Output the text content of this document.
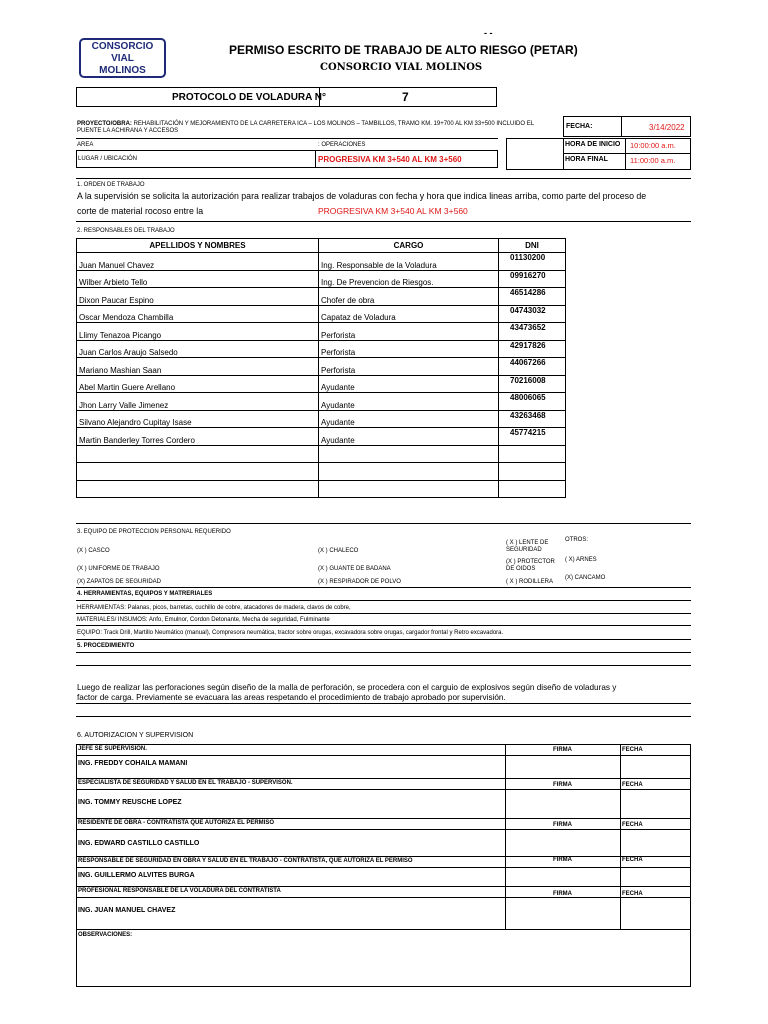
CONSORCIO
VIAL
MOLINOS
- -
PERMISO ESCRITO DE TRABAJO DE ALTO RIESGO (PETAR)
CONSORCIO VIAL MOLINOS
PROTOCOLO DE VOLADURA N°	7
PROYECTO/OBRA: REHABILITACIÓN Y MEJORAMIENTO DE LA CARRETERA ICA – LOS MOLINOS – TAMBILLOS, TRAMO KM. 19+700 AL KM 33+500 INCLUIDO EL PUENTE LA ACHIRANA Y ACCESOS
AREA	: OPERACIONES
LUGAR / UBICACIÓN	PROGRESIVA KM 3+540 AL KM 3+560
FECHA:	3/14/2022
HORA DE INICIO	10:00:00 a.m.
HORA FINAL	11:00:00 a.m.
1. ORDEN DE TRABAJO
A la supervisión se solicita la autorización para realizar trabajos de voladuras con fecha y hora que indica lineas arriba, como parte del proceso de
corte de material rocoso entre la	PROGRESIVA KM 3+540 AL KM 3+560
2. RESPONSABLES DEL TRABAJO
APELLIDOS Y NOMBRES	CARGO	DNI
Juan Manuel Chavez	Ing. Responsable de la Voladura	01130200
Wilber Arbieto Tello	Ing. De Prevencion de Riesgos.	09916270
Dixon Paucar Espino	Chofer de obra	46514286
Oscar Mendoza Chambilla	Capataz de Voladura	04743032
Llimy Tenazoa Picango	Perforista	43473652
Juan Carlos Araujo Salsedo	Perforista	42917826
Mariano Mashian Saan	Perforista	44067266
Abel Martin Guere Arellano	Ayudante	70216008
Jhon Larry Valle Jimenez	Ayudante	48006065
Silvano Alejandro Cupitay Isase	Ayudante	43263468
Martin Banderley Torres Cordero	Ayudante	45774215

3. EQUIPO DE PROTECCION PERSONAL REQUERIDO
(X ) CASCO	(X ) CHALECO
( X ) LENTE DE SEGURIDAD
OTROS:
(X ) UNIFORME DE TRABAJO	(X ) GUANTE DE BADANA
(X ) PROTECTOR DE OIDOS
( X) ARNES
(X) ZAPATOS DE SEGURIDAD	(X ) RESPIRADOR DE POLVO	( X ) RODILLERA
(X) CANCAMO
4. HERRAMIENTAS, EQUIPOS Y MATRERIALES
HERRAMIENTAS: Palanas, picos, barretas, cuchillo de cobre, atacadores de madera, clavos de cobre,
MATERIALES/ INSUMOS: Anfo, Emulnor, Cordon Detonante, Mecha de seguridad, Fulminante
EQUIPO: Track Drill, Martillo Neumático (manual), Compresora neumática, tractor sobre orugas, excavadora sobre orugas, cargador frontal y Retro excavadora.
5. PROCEDIMIENTO
Luego de realizar las perforaciones según diseño de la malla de perforación, se procedera con el carguio de explosivos según diseño de voladuras y
factor de carga. Previamente se evacuara las areas respetando el procedimiento de trabajo aprobado por supervisión.
6. AUTORIZACION Y SUPERVISION
JEFE SE SUPERVISION.
ING. FREDDY COHAILA MAMANI
FIRMA	FECHA
ESPECIALISTA DE SEGURIDAD Y SALUD EN EL TRABAJO - SUPERVISON.
ING. TOMMY REUSCHE LOPEZ
FIRMA	FECHA
RESIDENTE DE OBRA - CONTRATISTA QUE AUTORIZA EL PERMISO
ING. EDWARD CASTILLO CASTILLO
FIRMA	FECHA
RESPONSABLE DE SEGURIDAD EN OBRA Y SALUD EN EL TRABAJO - CONTRATISTA, QUE AUTORIZA EL PERMISO
ING. GUILLERMO ALVITES BURGA
FIRMA	FECHA
PROFESIONAL RESPONSABLE DE LA VOLADURA DEL CONTRATISTA
ING. JUAN MANUEL CHAVEZ
FIRMA	FECHA
OBSERVACIONES:
